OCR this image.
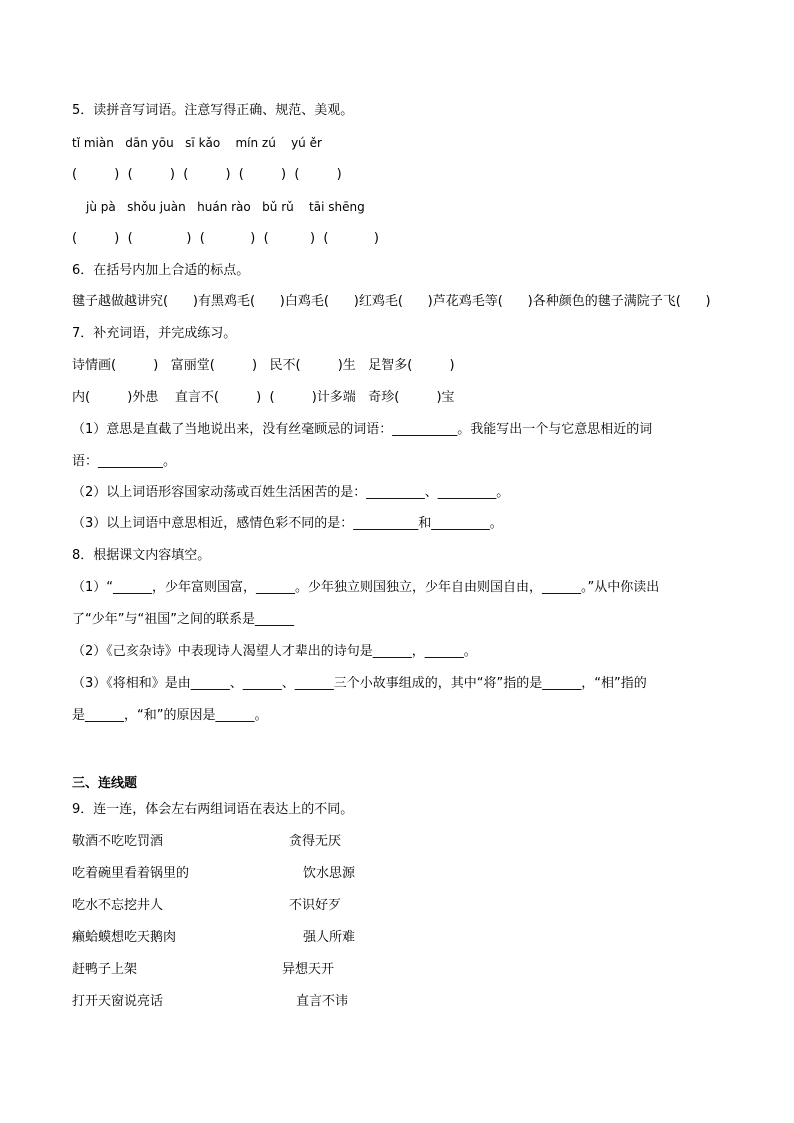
5．读拼音写词语。注意写得正确、规范、美观。
tǐ miàn   dān yōu   sī kǎo    mín zú    yú ěr
(         )  (         )  (         )  (         )  (         )
jù pà   shǒu juàn   huán rào   bǔ rǔ    tāi shēng
(         )  (             )  (           )  (          )  (           )
6．在括号内加上合适的标点。
毽子越做越讲究(      )有黑鸡毛(      )白鸡毛(      )红鸡毛(      )芦花鸡毛等(      )各种颜色的毽子满院子飞(      )
7．补充词语，并完成练习。
诗情画(         )   富丽堂(         )   民不(         )生   足智多(         )
内(         )外患    直言不(         )  (         )计多端   奇珍(         )宝
（1）意思是直截了当地说出来，没有丝毫顾忌的词语：__________。我能写出一个与它意思相近的词
语：__________。
（2）以上词语形容国家动荡或百姓生活困苦的是：_________、_________。
（3）以上词语中意思相近，感情色彩不同的是：__________和_________。
8．根据课文内容填空。
（1）“______，少年富则国富，______。少年独立则国独立，少年自由则国自由，______。”从中你读出
了“少年”与“祖国”之间的联系是______
（2）《己亥杂诗》中表现诗人渴望人才辈出的诗句是______，______。
（3）《将相和》是由______、______、______三个小故事组成的，其中“将”指的是______，“相”指的
是______，“和”的原因是______。
三、连线题
9．连一连，体会左右两组词语在表达上的不同。
敬酒不吃吃罚酒	贪得无厌
吃着碗里看着锅里的	饮水思源
吃水不忘挖井人	不识好歹
癞蛤蟆想吃天鹅肉	强人所难
赶鸭子上架	异想天开
打开天窗说亮话	直言不讳
